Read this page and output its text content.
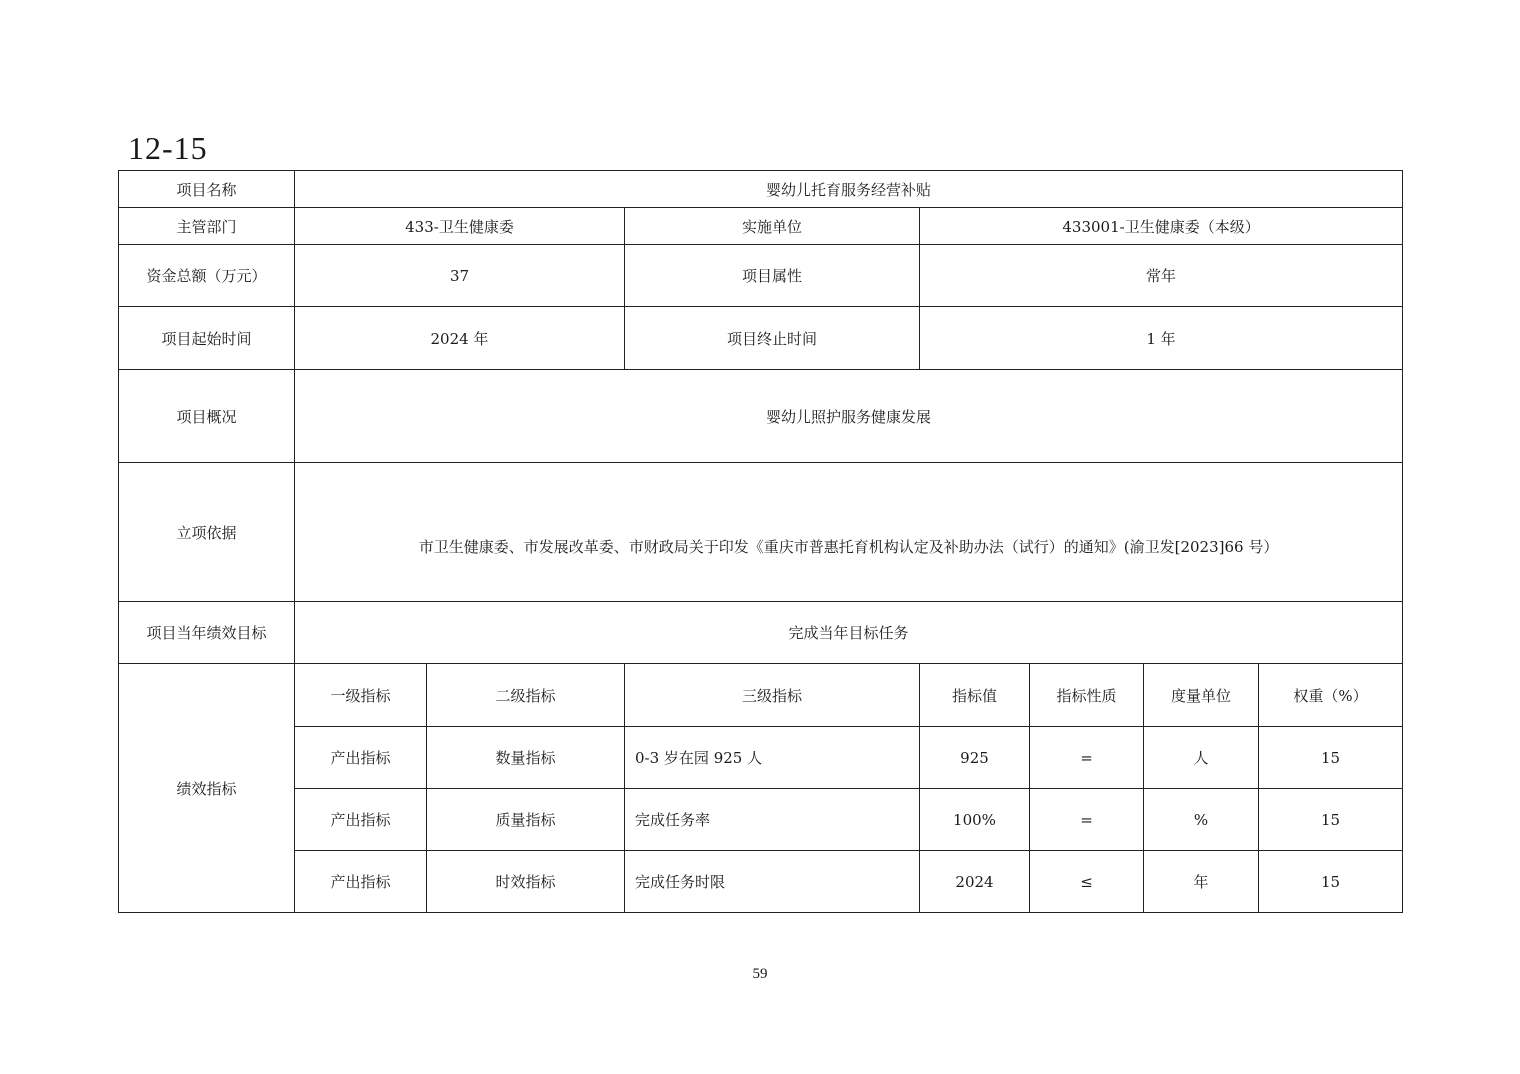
12-15
项目名称	婴幼儿托育服务经营补贴						
主管部门	433-卫生健康委		实施单位	433001-卫生健康委（本级）			
资金总额（万元）	37		项目属性	常年			
项目起始时间	2024 年		项目终止时间	1 年			
项目概况	婴幼儿照护服务健康发展						
立项依据	市卫生健康委、市发展改革委、市财政局关于印发《重庆市普惠托育机构认定及补助办法（试行）的通知》(渝卫发[2023]66 号）						
项目当年绩效目标	完成当年目标任务						
绩效指标	一级指标	二级指标	三级指标	指标值	指标性质	度量单位	权重（%）
	产出指标	数量指标	0-3 岁在园 925 人	925	=	人	15
	产出指标	质量指标	完成任务率	100%	=	%	15
	产出指标	时效指标	完成任务时限	2024	≤	年	15
59
